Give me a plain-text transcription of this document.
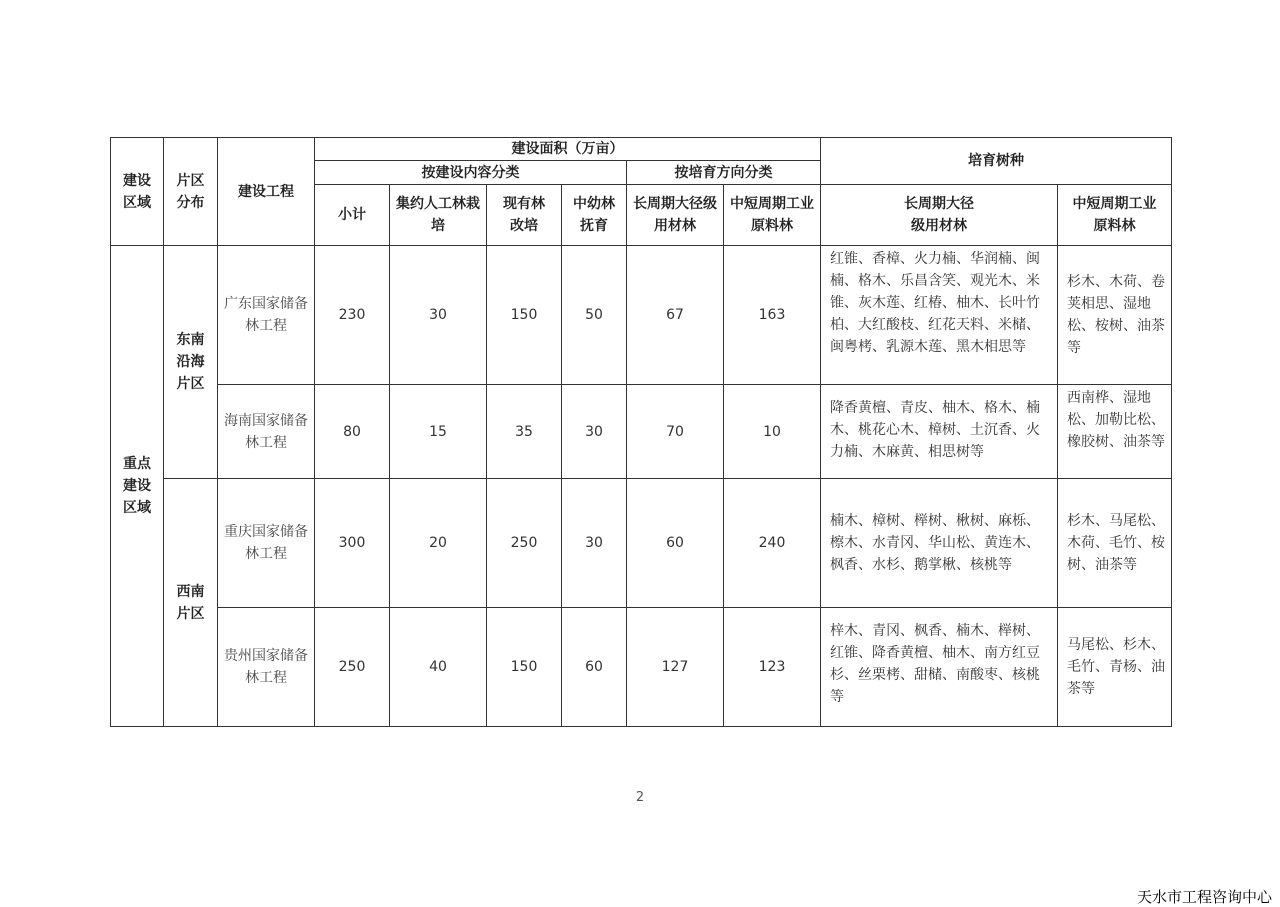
建设区域	片区分布	建设工程	建设面积（万亩）						培育树种	
			按建设内容分类				按培育方向分类			
			小计	集约人工林栽培	现有林改培	中幼林抚育	长周期大径级用材林	中短周期工业原料林	长周期大径级用材林	中短周期工业原料林
重点建设区域	东南沿海片区	广东国家储备林工程	230	30	150	50	67	163	红锥、香樟、火力楠、华润楠、闽楠、格木、乐昌含笑、观光木、米锥、灰木莲、红椿、柚木、长叶竹柏、大红酸枝、红花天料、米槠、闽粤栲、乳源木莲、黑木相思等	杉木、木荷、卷荚相思、湿地松、桉树、油茶等
		海南国家储备林工程	80	15	35	30	70	10	降香黄檀、青皮、柚木、格木、楠木、桃花心木、樟树、土沉香、火力楠、木麻黄、相思树等	西南桦、湿地松、加勒比松、橡胶树、油茶等
	西南片区	重庆国家储备林工程	300	20	250	30	60	240	楠木、樟树、榉树、楸树、麻栎、檫木、水青冈、华山松、黄连木、枫香、水杉、鹅掌楸、核桃等	杉木、马尾松、木荷、毛竹、桉树、油茶等
		贵州国家储备林工程	250	40	150	60	127	123	梓木、青冈、枫香、楠木、榉树、红锥、降香黄檀、柚木、南方红豆杉、丝栗栲、甜槠、南酸枣、核桃等	马尾松、杉木、毛竹、青杨、油茶等
2
天水市工程咨询中心
